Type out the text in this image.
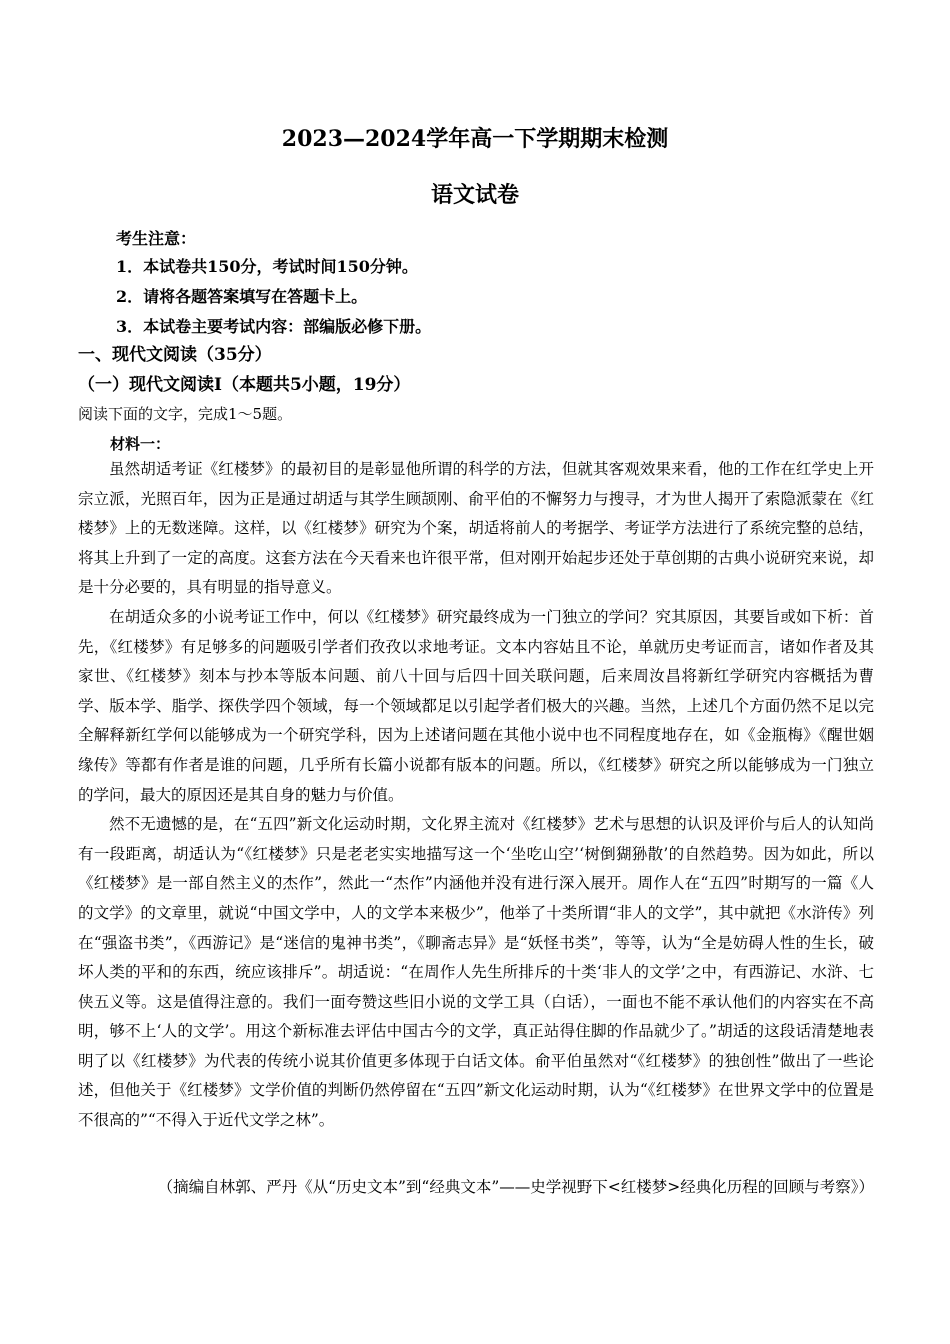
2023—2024学年高一下学期期末检测
语文试卷
考生注意：
1．本试卷共150分，考试时间150分钟。
2．请将各题答案填写在答题卡上。
3．本试卷主要考试内容：部编版必修下册。
一、现代文阅读（35分）
（一）现代文阅读Ⅰ（本题共5小题，19分）
阅读下面的文字，完成1～5题。
材料一：

虽然胡适考证《红楼梦》的最初目的是彰显他所谓的科学的方法，但就其客观效果来看，他的工作在红学史上开宗立派，光照百年，因为正是通过胡适与其学生顾颉刚、俞平伯的不懈努力与搜寻，才为世人揭开了索隐派蒙在《红楼梦》上的无数迷障。这样，以《红楼梦》研究为个案，胡适将前人的考据学、考证学方法进行了系统完整的总结，将其上升到了一定的高度。这套方法在今天看来也许很平常，但对刚开始起步还处于草创期的古典小说研究来说，却是十分必要的，具有明显的指导意义。

在胡适众多的小说考证工作中，何以《红楼梦》研究最终成为一门独立的学问？究其原因，其要旨或如下析：首先，《红楼梦》有足够多的问题吸引学者们孜孜以求地考证。文本内容姑且不论，单就历史考证而言，诸如作者及其家世、《红楼梦》刻本与抄本等版本问题、前八十回与后四十回关联问题，后来周汝昌将新红学研究内容概括为曹学、版本学、脂学、探佚学四个领域，每一个领域都足以引起学者们极大的兴趣。当然，上述几个方面仍然不足以完全解释新红学何以能够成为一个研究学科，因为上述诸问题在其他小说中也不同程度地存在，如《金瓶梅》《醒世姻缘传》等都有作者是谁的问题，几乎所有长篇小说都有版本的问题。所以，《红楼梦》研究之所以能够成为一门独立的学问，最大的原因还是其自身的魅力与价值。

然不无遗憾的是，在“五四”新文化运动时期，文化界主流对《红楼梦》艺术与思想的认识及评价与后人的认知尚有一段距离，胡适认为“《红楼梦》只是老老实实地描写这一个‘坐吃山空’‘树倒猢狲散’的自然趋势。因为如此，所以《红楼梦》是一部自然主义的杰作”，然此一“杰作”内涵他并没有进行深入展开。周作人在“五四”时期写的一篇《人的文学》的文章里，就说“中国文学中，人的文学本来极少”，他举了十类所谓“非人的文学”，其中就把《水浒传》列在“强盗书类”，《西游记》是“迷信的鬼神书类”，《聊斋志异》是“妖怪书类”，等等，认为“全是妨碍人性的生长，破坏人类的平和的东西，统应该排斥”。胡适说：“在周作人先生所排斥的十类‘非人的文学’之中，有西游记、水浒、七侠五义等。这是值得注意的。我们一面夸赞这些旧小说的文学工具（白话），一面也不能不承认他们的内容实在不高明，够不上‘人的文学’。用这个新标准去评估中国古今的文学，真正站得住脚的作品就少了。”胡适的这段话清楚地表明了以《红楼梦》为代表的传统小说其价值更多体现于白话文体。俞平伯虽然对“《红楼梦》的独创性”做出了一些论述，但他关于《红楼梦》文学价值的判断仍然停留在“五四”新文化运动时期，认为“《红楼梦》在世界文学中的位置是不很高的”“不得入于近代文学之林”。

（摘编自林郭、严丹《从“历史文本”到“经典文本”——史学视野下<红楼梦>经典化历程的回顾与考察》）
